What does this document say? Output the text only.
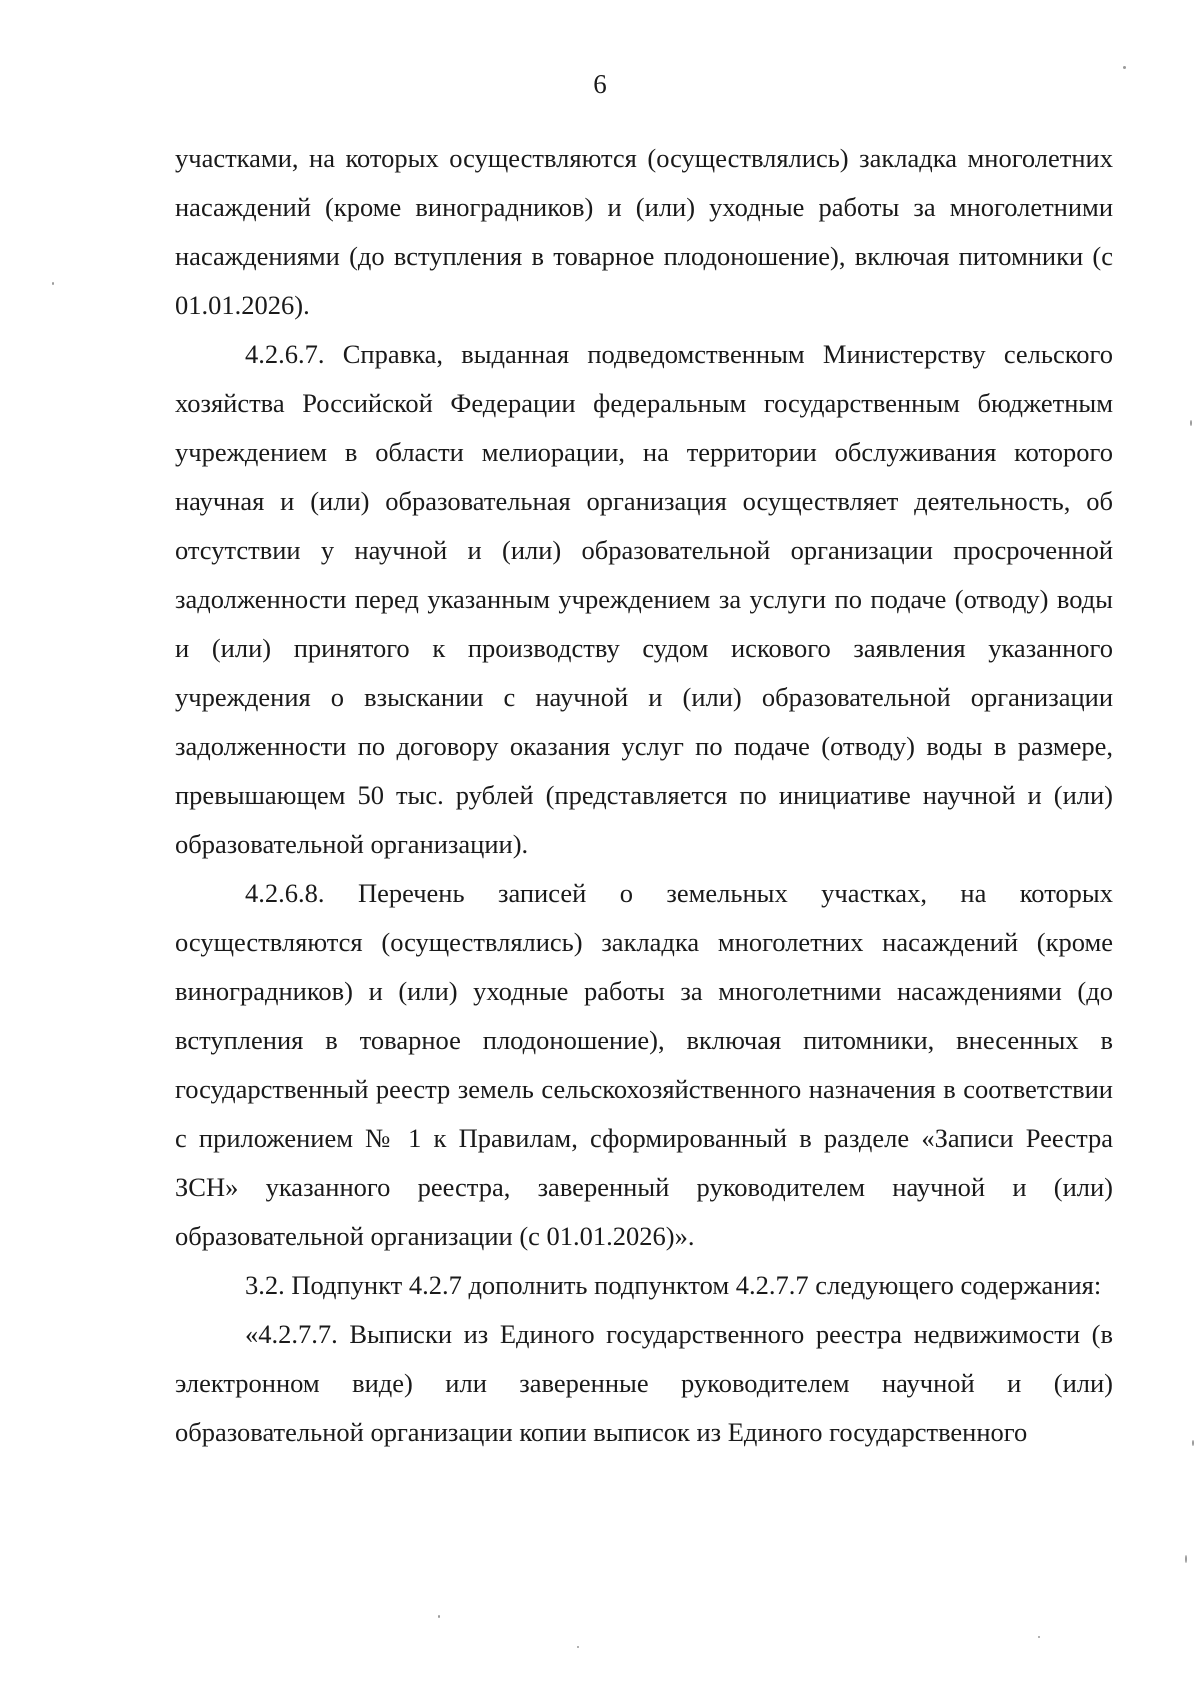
6

участками, на которых осуществляются (осуществлялись) закладка многолетних насаждений (кроме виноградников) и (или) уходные работы за многолетними насаждениями (до вступления в товарное плодоношение), включая питомники (с 01.01.2026).

4.2.6.7. Справка, выданная подведомственным Министерству сельского хозяйства Российской Федерации федеральным государственным бюджетным учреждением в области мелиорации, на территории обслуживания которого научная и (или) образовательная организация осуществляет деятельность, об отсутствии у научной и (или) образовательной организации просроченной задолженности перед указанным учреждением за услуги по подаче (отводу) воды и (или) принятого к производству судом искового заявления указанного учреждения о взыскании с научной и (или) образовательной организации задолженности по договору оказания услуг по подаче (отводу) воды в размере, превышающем 50 тыс. рублей (представляется по инициативе научной и (или) образовательной организации).

4.2.6.8. Перечень записей о земельных участках, на которых осуществляются (осуществлялись) закладка многолетних насаждений (кроме виноградников) и (или) уходные работы за многолетними насаждениями (до вступления в товарное плодоношение), включая питомники, внесенных в государственный реестр земель сельскохозяйственного назначения в соответствии с приложением № 1 к Правилам, сформированный в разделе «Записи Реестра ЗСН» указанного реестра, заверенный руководителем научной и (или) образовательной организации (с 01.01.2026)».

3.2. Подпункт 4.2.7 дополнить подпунктом 4.2.7.7 следующего содержания:

«4.2.7.7. Выписки из Единого государственного реестра недвижимости (в электронном виде) или заверенные руководителем научной и (или) образовательной организации копии выписок из Единого государственного
